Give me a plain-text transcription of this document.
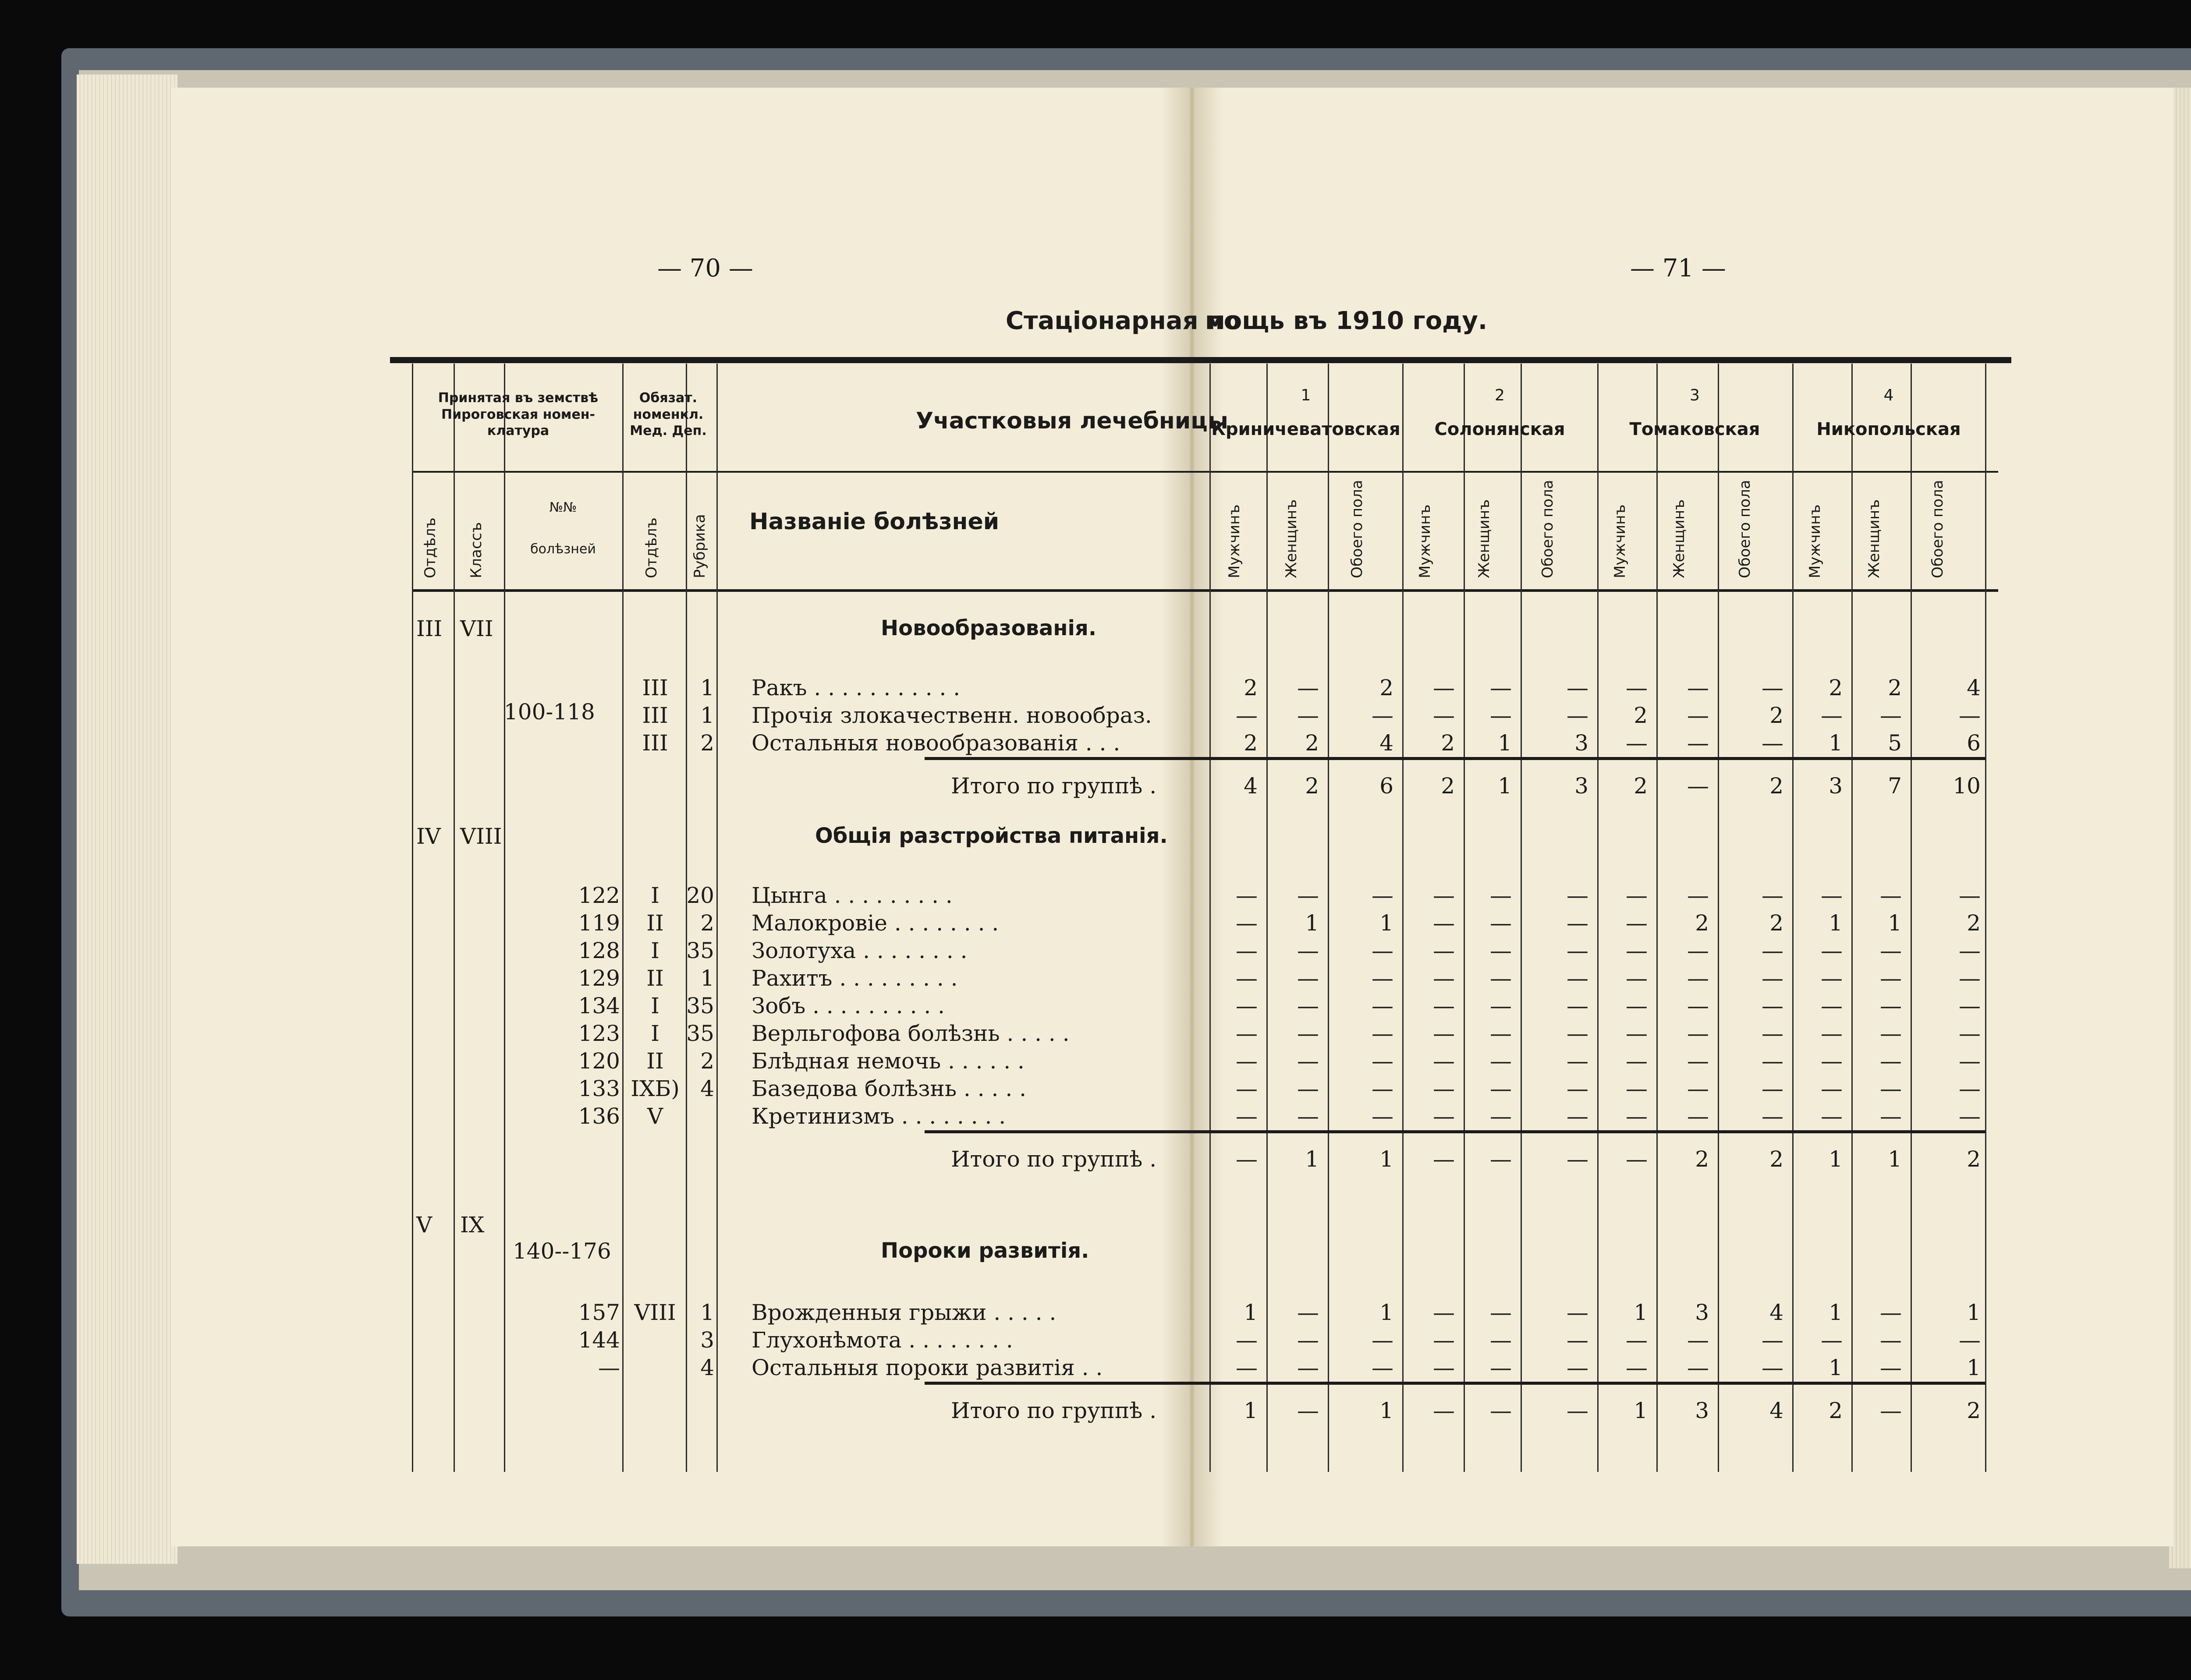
— 70 —	— 71 —
Стаціонарная по
мощь въ 1910 году.
Принятая въ земствѣ Пироговская номен-клатура
Обязат. номенкл. Мед. Деп.	Участковыя лечебницы
Названіе болѣзней
Отдѣлъ Классъ
№№
болѣзней	Отдѣлъ Рубрика
1
Криничеватовская
2
Солонянская
3
Томаковская
4
Никопольская
Мужчинъ	Женщинъ	Обоего пола	Мужчинъ	Женщинъ	Обоего пола	Мужчинъ	Женщинъ	Обоего пола	Мужчинъ	Женщинъ	Обоего пола
III VII	Новообразованія.
100-118
III	1 Ракъ . . . . . . . . . . .	2	—	2	—	—	—	—	—	—	2	2	4
III	1 Прочія злокачественн. новообраз.	—	—	—	—	—	—	2	—	2	—	—	—
III	2 Остальныя новообразованія . . .	2	2	4	2	1	3	—	—	—	1	5	6
Итого по группѣ .	4	2	6	2	1	3	2	—	2	3	7	10
IV VIII	Общія разстройства питанія.
122	I	20 Цынга . . . . . . . . .	—	—	—	—	—	—	—	—	—	—	—	—
119	II	2 Малокровіе . . . . . . . .	—	1	1	—	—	—	—	2	2	1	1	2
128	I	35 Золотуха . . . . . . . .	—	—	—	—	—	—	—	—	—	—	—	—
129	II	1 Рахитъ . . . . . . . . .	—	—	—	—	—	—	—	—	—	—	—	—
134	I	35 Зобъ . . . . . . . . . .	—	—	—	—	—	—	—	—	—	—	—	—
123	I	35 Верльгофова болѣзнь . . . . .	—	—	—	—	—	—	—	—	—	—	—	—
120	II	2 Блѣдная немочь . . . . . .	—	—	—	—	—	—	—	—	—	—	—	—
133 IXБ) 4 Базедова болѣзнь . . . . .	—	—	—	—	—	—	—	—	—	—	—	—
136	V	Кретинизмъ . . . . . . . .	—	—	—	—	—	—	—	—	—	—	—	—
Итого по группѣ .	—	1	1	—	—	—	—	2	2	1	1	2
V IX
140--176	Пороки развитія.
157 VIII	1 Врожденныя грыжи . . . . .	1	—	1	—	—	—	1	3	4	1	—	1
144	3 Глухонѣмота . . . . . . . .	—	—	—	—	—	—	—	—	—	—	—	—
—	4 Остальныя пороки развитія . .	—	—	—	—	—	—	—	—	—	1	—	1
Итого по группѣ .	1	—	1	—	—	—	1	3	4	2	—	2
